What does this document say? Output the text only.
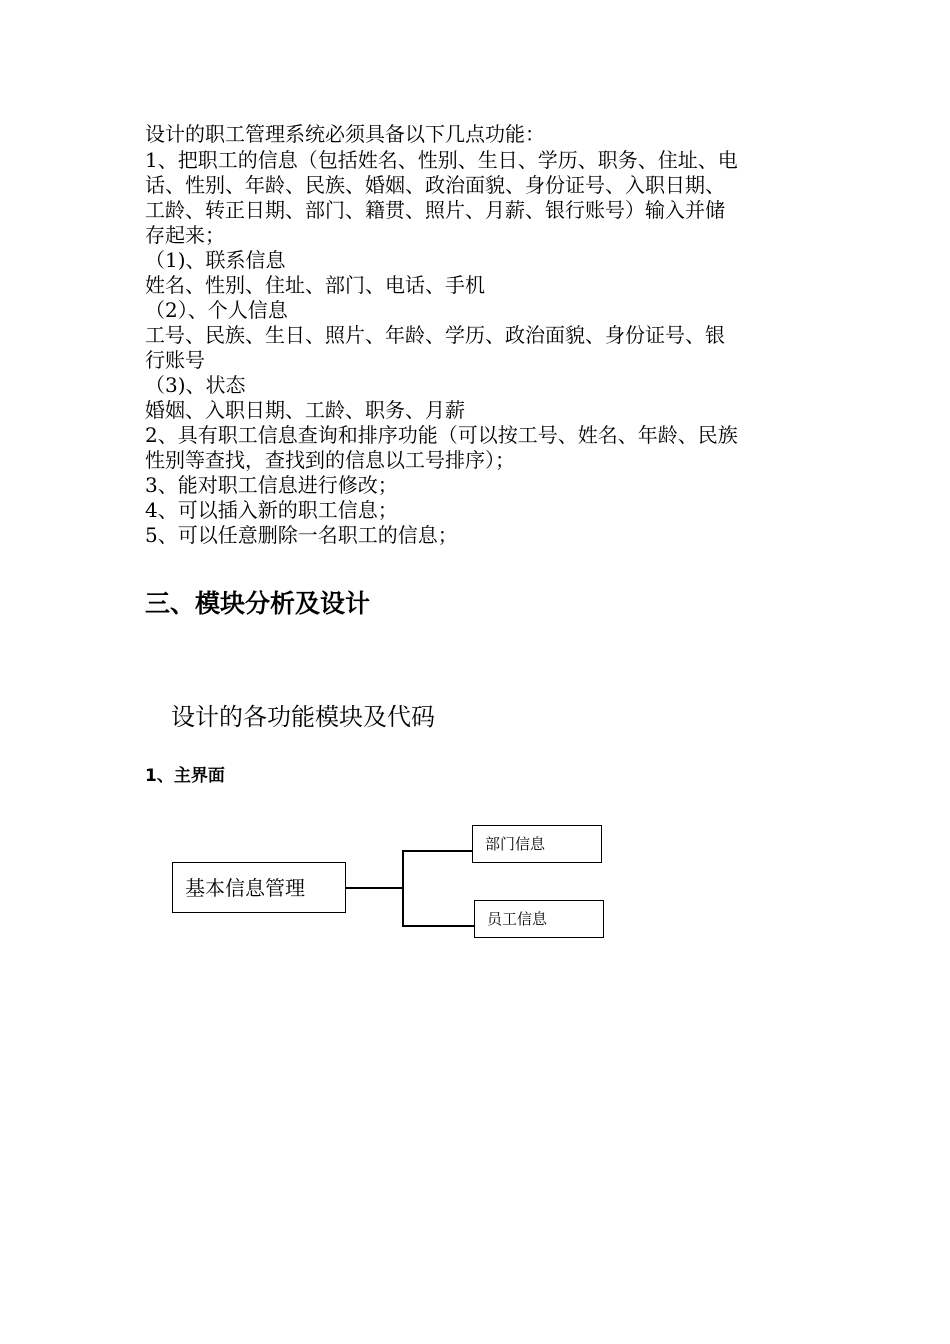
设计的职工管理系统必须具备以下几点功能：
1、把职工的信息（包括姓名、性别、生日、学历、职务、住址、电
话、性别、年龄、民族、婚姻、政治面貌、身份证号、入职日期、
工龄、转正日期、部门、籍贯、照片、月薪、银行账号）输入并储
存起来；
（1)、联系信息
姓名、性别、住址、部门、电话、手机
（2）、个人信息
工号、民族、生日、照片、年龄、学历、政治面貌、身份证号、银
行账号
（3)、状态
婚姻、入职日期、工龄、职务、月薪
2、具有职工信息查询和排序功能（可以按工号、姓名、年龄、民族
性别等查找，查找到的信息以工号排序）；
3、能对职工信息进行修改；
4、可以插入新的职工信息；
5、可以任意删除一名职工的信息；
三、模块分析及设计
设计的各功能模块及代码
1、主界面
基本信息管理
部门信息
员工信息
